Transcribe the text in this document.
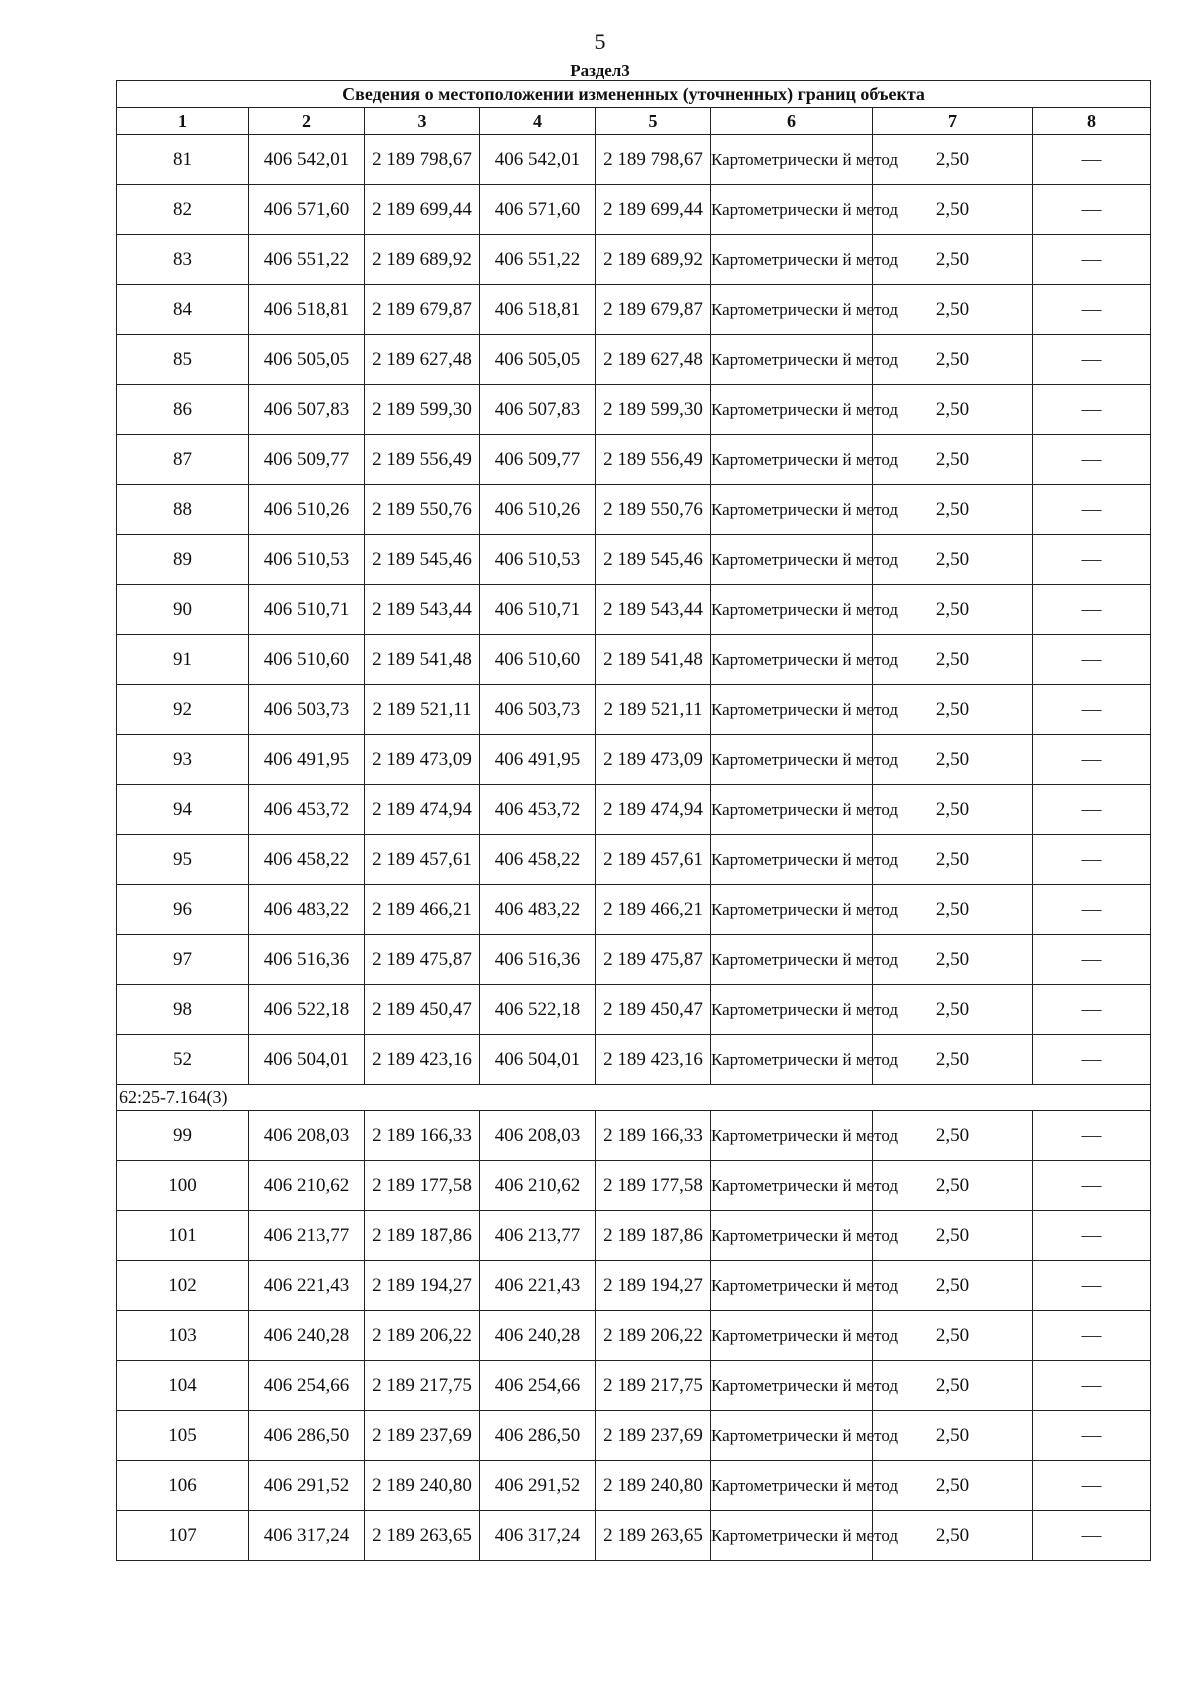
5
Раздел3
Сведения о местоположении измененных (уточненных) границ объекта							
1	2	3	4	5	6	7	8
81	406 542,01	2 189 798,67	406 542,01	2 189 798,67	Картометрически й метод	2,50	—
82	406 571,60	2 189 699,44	406 571,60	2 189 699,44	Картометрически й метод	2,50	—
83	406 551,22	2 189 689,92	406 551,22	2 189 689,92	Картометрически й метод	2,50	—
84	406 518,81	2 189 679,87	406 518,81	2 189 679,87	Картометрически й метод	2,50	—
85	406 505,05	2 189 627,48	406 505,05	2 189 627,48	Картометрически й метод	2,50	—
86	406 507,83	2 189 599,30	406 507,83	2 189 599,30	Картометрически й метод	2,50	—
87	406 509,77	2 189 556,49	406 509,77	2 189 556,49	Картометрически й метод	2,50	—
88	406 510,26	2 189 550,76	406 510,26	2 189 550,76	Картометрически й метод	2,50	—
89	406 510,53	2 189 545,46	406 510,53	2 189 545,46	Картометрически й метод	2,50	—
90	406 510,71	2 189 543,44	406 510,71	2 189 543,44	Картометрически й метод	2,50	—
91	406 510,60	2 189 541,48	406 510,60	2 189 541,48	Картометрически й метод	2,50	—
92	406 503,73	2 189 521,11	406 503,73	2 189 521,11	Картометрически й метод	2,50	—
93	406 491,95	2 189 473,09	406 491,95	2 189 473,09	Картометрически й метод	2,50	—
94	406 453,72	2 189 474,94	406 453,72	2 189 474,94	Картометрически й метод	2,50	—
95	406 458,22	2 189 457,61	406 458,22	2 189 457,61	Картометрически й метод	2,50	—
96	406 483,22	2 189 466,21	406 483,22	2 189 466,21	Картометрически й метод	2,50	—
97	406 516,36	2 189 475,87	406 516,36	2 189 475,87	Картометрически й метод	2,50	—
98	406 522,18	2 189 450,47	406 522,18	2 189 450,47	Картометрически й метод	2,50	—
52	406 504,01	2 189 423,16	406 504,01	2 189 423,16	Картометрически й метод	2,50	—
62:25-7.164(3)							
99	406 208,03	2 189 166,33	406 208,03	2 189 166,33	Картометрически й метод	2,50	—
100	406 210,62	2 189 177,58	406 210,62	2 189 177,58	Картометрически й метод	2,50	—
101	406 213,77	2 189 187,86	406 213,77	2 189 187,86	Картометрически й метод	2,50	—
102	406 221,43	2 189 194,27	406 221,43	2 189 194,27	Картометрически й метод	2,50	—
103	406 240,28	2 189 206,22	406 240,28	2 189 206,22	Картометрически й метод	2,50	—
104	406 254,66	2 189 217,75	406 254,66	2 189 217,75	Картометрически й метод	2,50	—
105	406 286,50	2 189 237,69	406 286,50	2 189 237,69	Картометрически й метод	2,50	—
106	406 291,52	2 189 240,80	406 291,52	2 189 240,80	Картометрически й метод	2,50	—
107	406 317,24	2 189 263,65	406 317,24	2 189 263,65	Картометрически й метод	2,50	—
